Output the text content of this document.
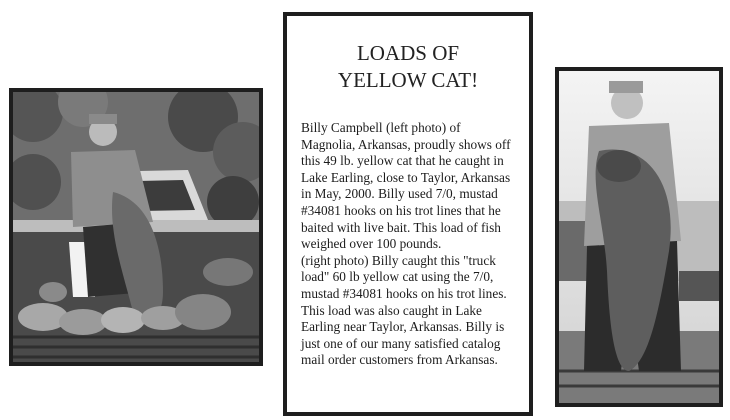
LOADS OF
YELLOW CAT!
Billy Campbell (left photo) of Magnolia, Arkansas, proudly shows off this 49 lb. yellow cat that he caught in Lake Earling, close to Taylor, Arkansas in May, 2000. Billy used 7/0, mustad #34081 hooks on his trot lines that he baited with live bait. This load of fish weighed over 100 pounds.
(right photo) Billy caught this "truck load" 60 lb yellow cat using the 7/0, mustad #34081 hooks on his trot lines. This load was also caught in Lake Earling near Taylor, Arkansas. Billy is just one of our many satisfied catalog mail order customers from Arkansas.
